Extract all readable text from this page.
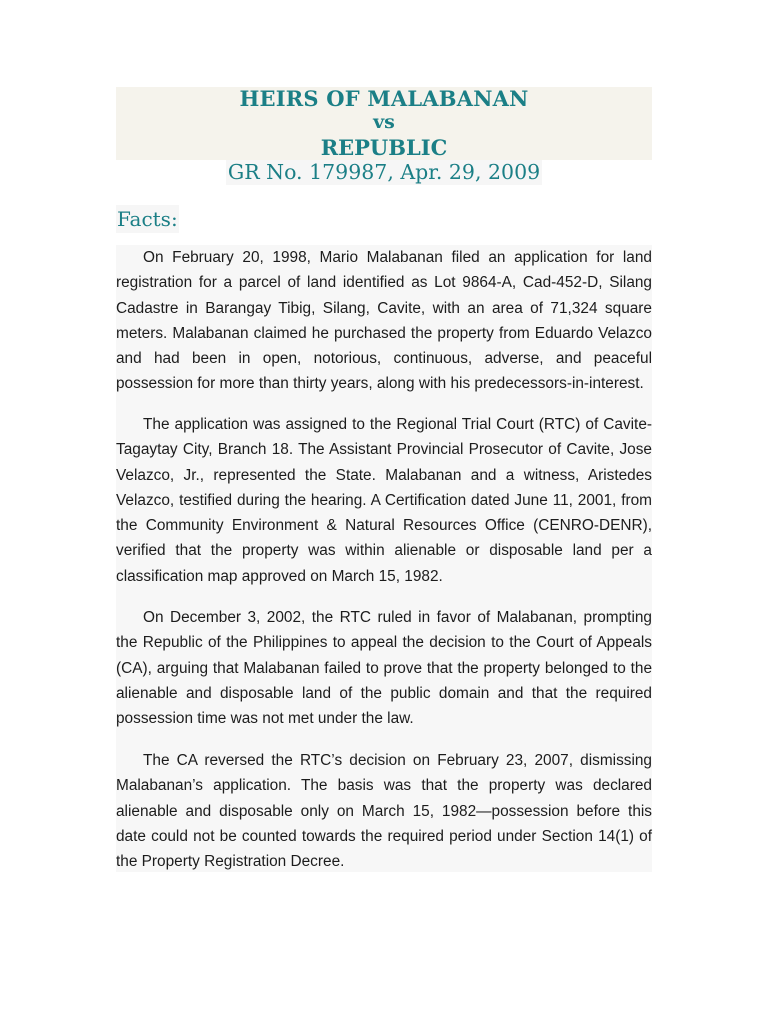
HEIRS OF MALABANAN
vs
REPUBLIC
GR No. 179987, Apr. 29, 2009
Facts:

On February 20, 1998, Mario Malabanan filed an application for land registration for a parcel of land identified as Lot 9864-A, Cad-452-D, Silang Cadastre in Barangay Tibig, Silang, Cavite, with an area of 71,324 square meters. Malabanan claimed he purchased the property from Eduardo Velazco and had been in open, notorious, continuous, adverse, and peaceful possession for more than thirty years, along with his predecessors-in-interest.

The application was assigned to the Regional Trial Court (RTC) of Cavite-Tagaytay City, Branch 18. The Assistant Provincial Prosecutor of Cavite, Jose Velazco, Jr., represented the State. Malabanan and a witness, Aristedes Velazco, testified during the hearing. A Certification dated June 11, 2001, from the Community Environment & Natural Resources Office (CENRO-DENR), verified that the property was within alienable or disposable land per a classification map approved on March 15, 1982.

On December 3, 2002, the RTC ruled in favor of Malabanan, prompting the Republic of the Philippines to appeal the decision to the Court of Appeals (CA), arguing that Malabanan failed to prove that the property belonged to the alienable and disposable land of the public domain and that the required possession time was not met under the law.

The CA reversed the RTC’s decision on February 23, 2007, dismissing Malabanan’s application. The basis was that the property was declared alienable and disposable only on March 15, 1982—possession before this date could not be counted towards the required period under Section 14(1) of the Property Registration Decree.
